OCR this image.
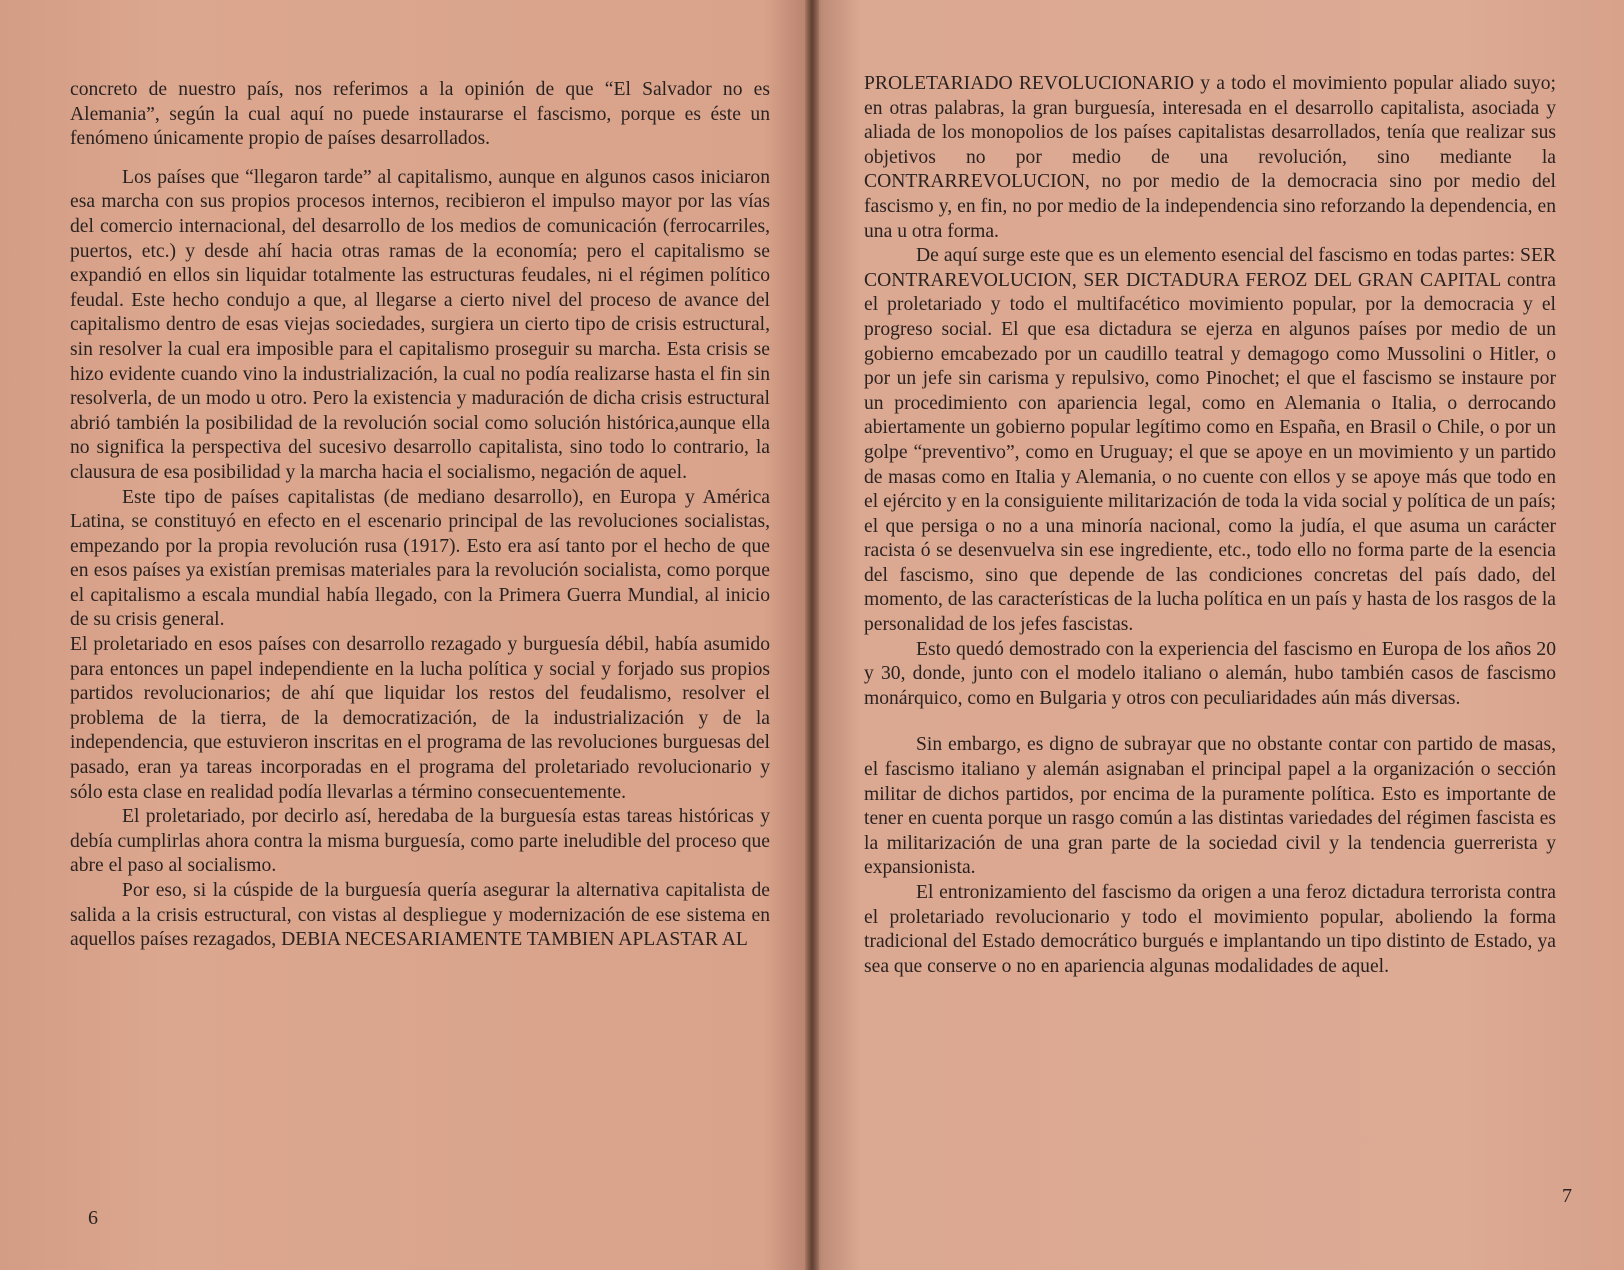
concreto de nuestro país, nos referimos a la opinión de que “El Salvador no es Alemania”, según la cual aquí no puede instaurarse el fascismo, porque es éste un fenómeno únicamente propio de países desarrollados.

Los países que “llegaron tarde” al capitalismo, aunque en algunos casos iniciaron esa marcha con sus propios procesos internos, recibieron el impulso mayor por las vías del comercio internacional, del desarrollo de los medios de comunicación (ferrocarriles, puertos, etc.) y desde ahí hacia otras ramas de la economía; pero el capitalismo se expandió en ellos sin liquidar totalmente las estructuras feudales, ni el régimen político feudal. Este hecho condujo a que, al llegarse a cierto nivel del proceso de avance del capitalismo dentro de esas viejas sociedades, surgiera un cierto tipo de crisis estructural, sin resolver la cual era imposible para el capitalismo proseguir su marcha. Esta crisis se hizo evidente cuando vino la industrialización, la cual no podía realizarse hasta el fin sin resolverla, de un modo u otro. Pero la existencia y maduración de dicha crisis estructural abrió también la posibilidad de la revolución social como solución histórica,aunque ella no significa la perspectiva del sucesivo desarrollo capitalista, sino todo lo contrario, la clausura de esa posibilidad y la marcha hacia el socialismo, negación de aquel.

Este tipo de países capitalistas (de mediano desarrollo), en Europa y América Latina, se constituyó en efecto en el escenario principal de las revoluciones socialistas, empezando por la propia revolución rusa (1917). Esto era así tanto por el hecho de que en esos países ya existían premisas materiales para la revolución socialista, como porque el capitalismo a escala mundial había llegado, con la Primera Guerra Mundial, al inicio de su crisis general.

El proletariado en esos países con desarrollo rezagado y burguesía débil, había asumido para entonces un papel independiente en la lucha política y social y forjado sus propios partidos revolucionarios; de ahí que liquidar los restos del feudalismo, resolver el problema de la tierra, de la democratización, de la industrialización y de la independencia, que estuvieron inscritas en el programa de las revoluciones burguesas del pasado, eran ya tareas incorporadas en el programa del proletariado revolucionario y sólo esta clase en realidad podía llevarlas a término consecuentemente.

El proletariado, por decirlo así, heredaba de la burguesía estas tareas históricas y debía cumplirlas ahora contra la misma burguesía, como parte ineludible del proceso que abre el paso al socialismo.

Por eso, si la cúspide de la burguesía quería asegurar la alternativa capitalista de salida a la crisis estructural, con vistas al despliegue y modernización de ese sistema en aquellos países rezagados, DEBIA NECESARIAMENTE TAMBIEN APLASTAR AL

6

PROLETARIADO REVOLUCIONARIO y a todo el movimiento popular aliado suyo; en otras palabras, la gran burguesía, interesada en el desarrollo capitalista, asociada y aliada de los monopolios de los países capitalistas desarrollados, tenía que realizar sus objetivos no por medio de una revolución, sino mediante la CONTRARREVOLUCION, no por medio de la democracia sino por medio del fascismo y, en fin, no por medio de la independencia sino reforzando la dependencia, en una u otra forma.

De aquí surge este que es un elemento esencial del fascismo en todas partes: SER CONTRAREVOLUCION, SER DICTADURA FEROZ DEL GRAN CAPITAL contra el proletariado y todo el multifacético movimiento popular, por la democracia y el progreso social. El que esa dictadura se ejerza en algunos países por medio de un gobierno emcabezado por un caudillo teatral y demagogo como Mussolini o Hitler, o por un jefe sin carisma y repulsivo, como Pinochet; el que el fascismo se instaure por un procedimiento con apariencia legal, como en Alemania o Italia, o derrocando abiertamente un gobierno popular legítimo como en España, en Brasil o Chile, o por un golpe “preventivo”, como en Uruguay; el que se apoye en un movimiento y un partido de masas como en Italia y Alemania, o no cuente con ellos y se apoye más que todo en el ejército y en la consiguiente militarización de toda la vida social y política de un país; el que persiga o no a una minoría nacional, como la judía, el que asuma un carácter racista ó se desenvuelva sin ese ingrediente, etc., todo ello no forma parte de la esencia del fascismo, sino que depende de las condiciones concretas del país dado, del momento, de las características de la lucha política en un país y hasta de los rasgos de la personalidad de los jefes fascistas.

Esto quedó demostrado con la experiencia del fascismo en Europa de los años 20 y 30, donde, junto con el modelo italiano o alemán, hubo también casos de fascismo monárquico, como en Bulgaria y otros con peculiaridades aún más diversas.

Sin embargo, es digno de subrayar que no obstante contar con partido de masas, el fascismo italiano y alemán asignaban el principal papel a la organización o sección militar de dichos partidos, por encima de la puramente política. Esto es importante de tener en cuenta porque un rasgo común a las distintas variedades del régimen fascista es la militarización de una gran parte de la sociedad civil y la tendencia guerrerista y expansionista.

El entronizamiento del fascismo da origen a una feroz dictadura terrorista contra el proletariado revolucionario y todo el movimiento popular, aboliendo la forma tradicional del Estado democrático burgués e implantando un tipo distinto de Estado, ya sea que conserve o no en apariencia algunas modalidades de aquel.

7
